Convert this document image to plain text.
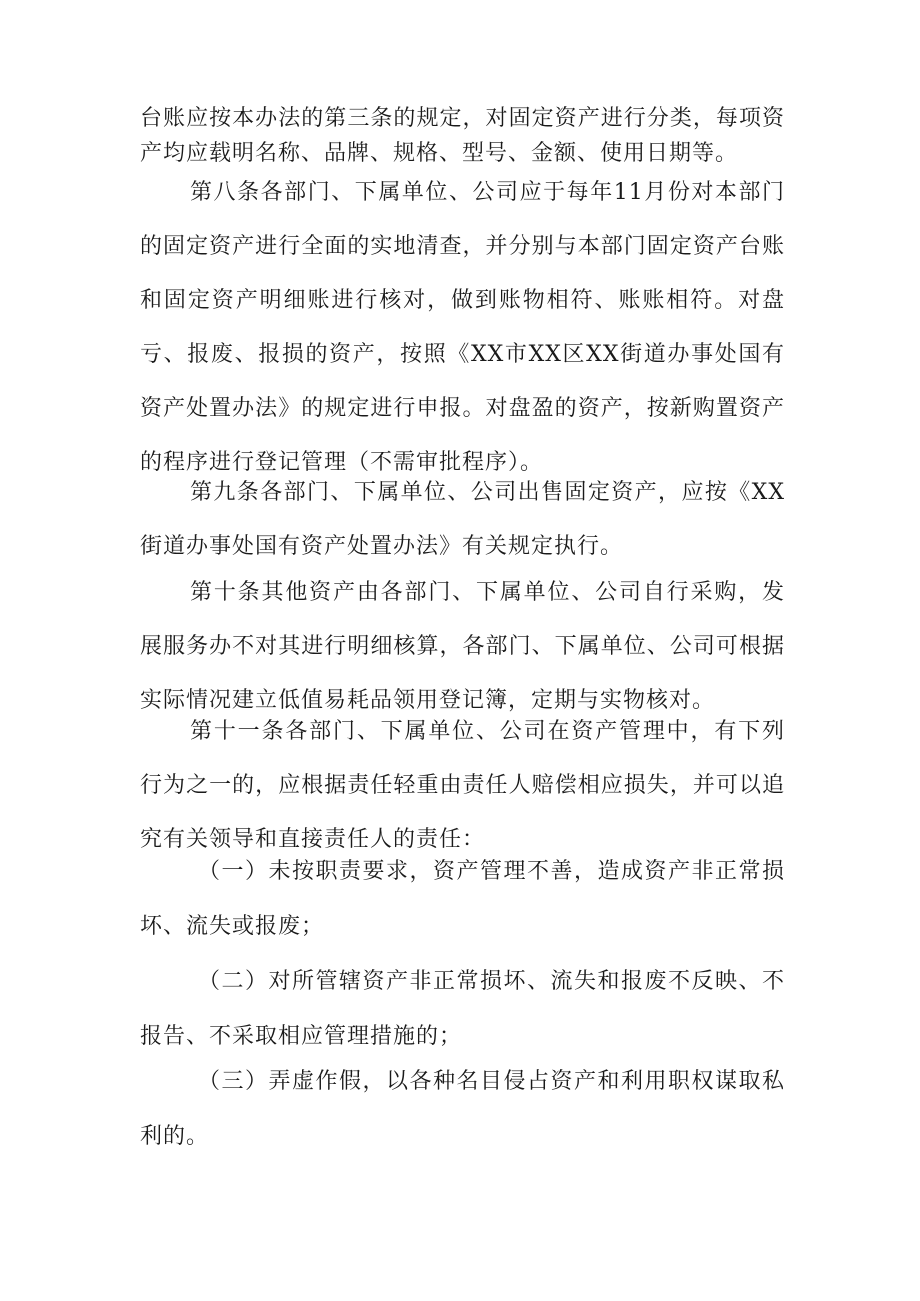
台账应按本办法的第三条的规定，对固定资产进行分类，每项资产均应载明名称、品牌、规格、型号、金额、使用日期等。

第八条各部门、下属单位、公司应于每年11月份对本部门的固定资产进行全面的实地清查，并分别与本部门固定资产台账和固定资产明细账进行核对，做到账物相符、账账相符。对盘亏、报废、报损的资产，按照《XX市XX区XX街道办事处国有资产处置办法》的规定进行申报。对盘盈的资产，按新购置资产的程序进行登记管理（不需审批程序）。

第九条各部门、下属单位、公司出售固定资产，应按《XX 街道办事处国有资产处置办法》有关规定执行。

第十条其他资产由各部门、下属单位、公司自行采购，发展服务办不对其进行明细核算，各部门、下属单位、公司可根据实际情况建立低值易耗品领用登记簿，定期与实物核对。

第十一条各部门、下属单位、公司在资产管理中，有下列行为之一的，应根据责任轻重由责任人赔偿相应损失，并可以追究有关领导和直接责任人的责任：

（一）未按职责要求，资产管理不善，造成资产非正常损坏、流失或报废；

（二）对所管辖资产非正常损坏、流失和报废不反映、不报告、不采取相应管理措施的；

（三）弄虚作假，以各种名目侵占资产和利用职权谋取私利的。
